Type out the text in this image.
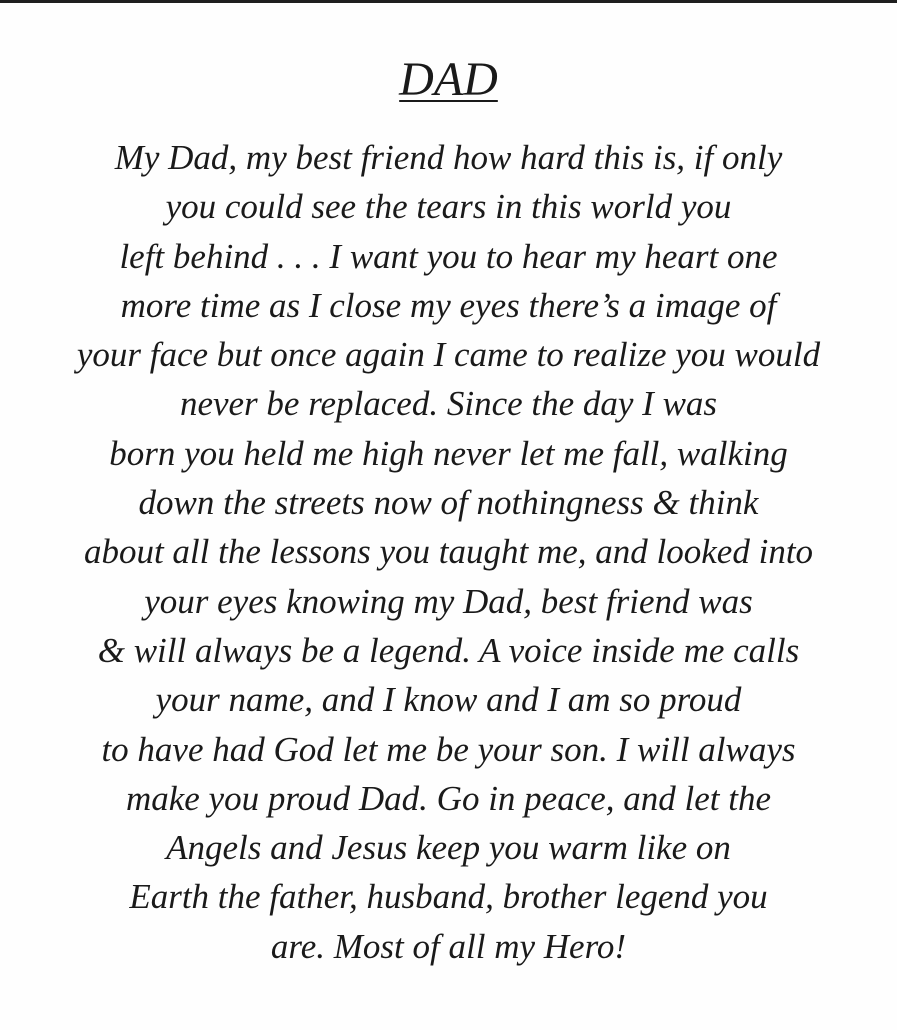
DAD
My Dad, my best friend how hard this is, if only
you could see the tears in this world you
left behind . . . I want you to hear my heart one
more time as I close my eyes there’s a image of
your face but once again I came to realize you would
never be replaced. Since the day I was
born you held me high never let me fall, walking
down the streets now of nothingness & think
about all the lessons you taught me, and looked into
your eyes knowing my Dad, best friend was
& will always be a legend. A voice inside me calls
your name, and I know and I am so proud
to have had God let me be your son. I will always
make you proud Dad. Go in peace, and let the
Angels and Jesus keep you warm like on
Earth the father, husband, brother legend you
are. Most of all my Hero!
